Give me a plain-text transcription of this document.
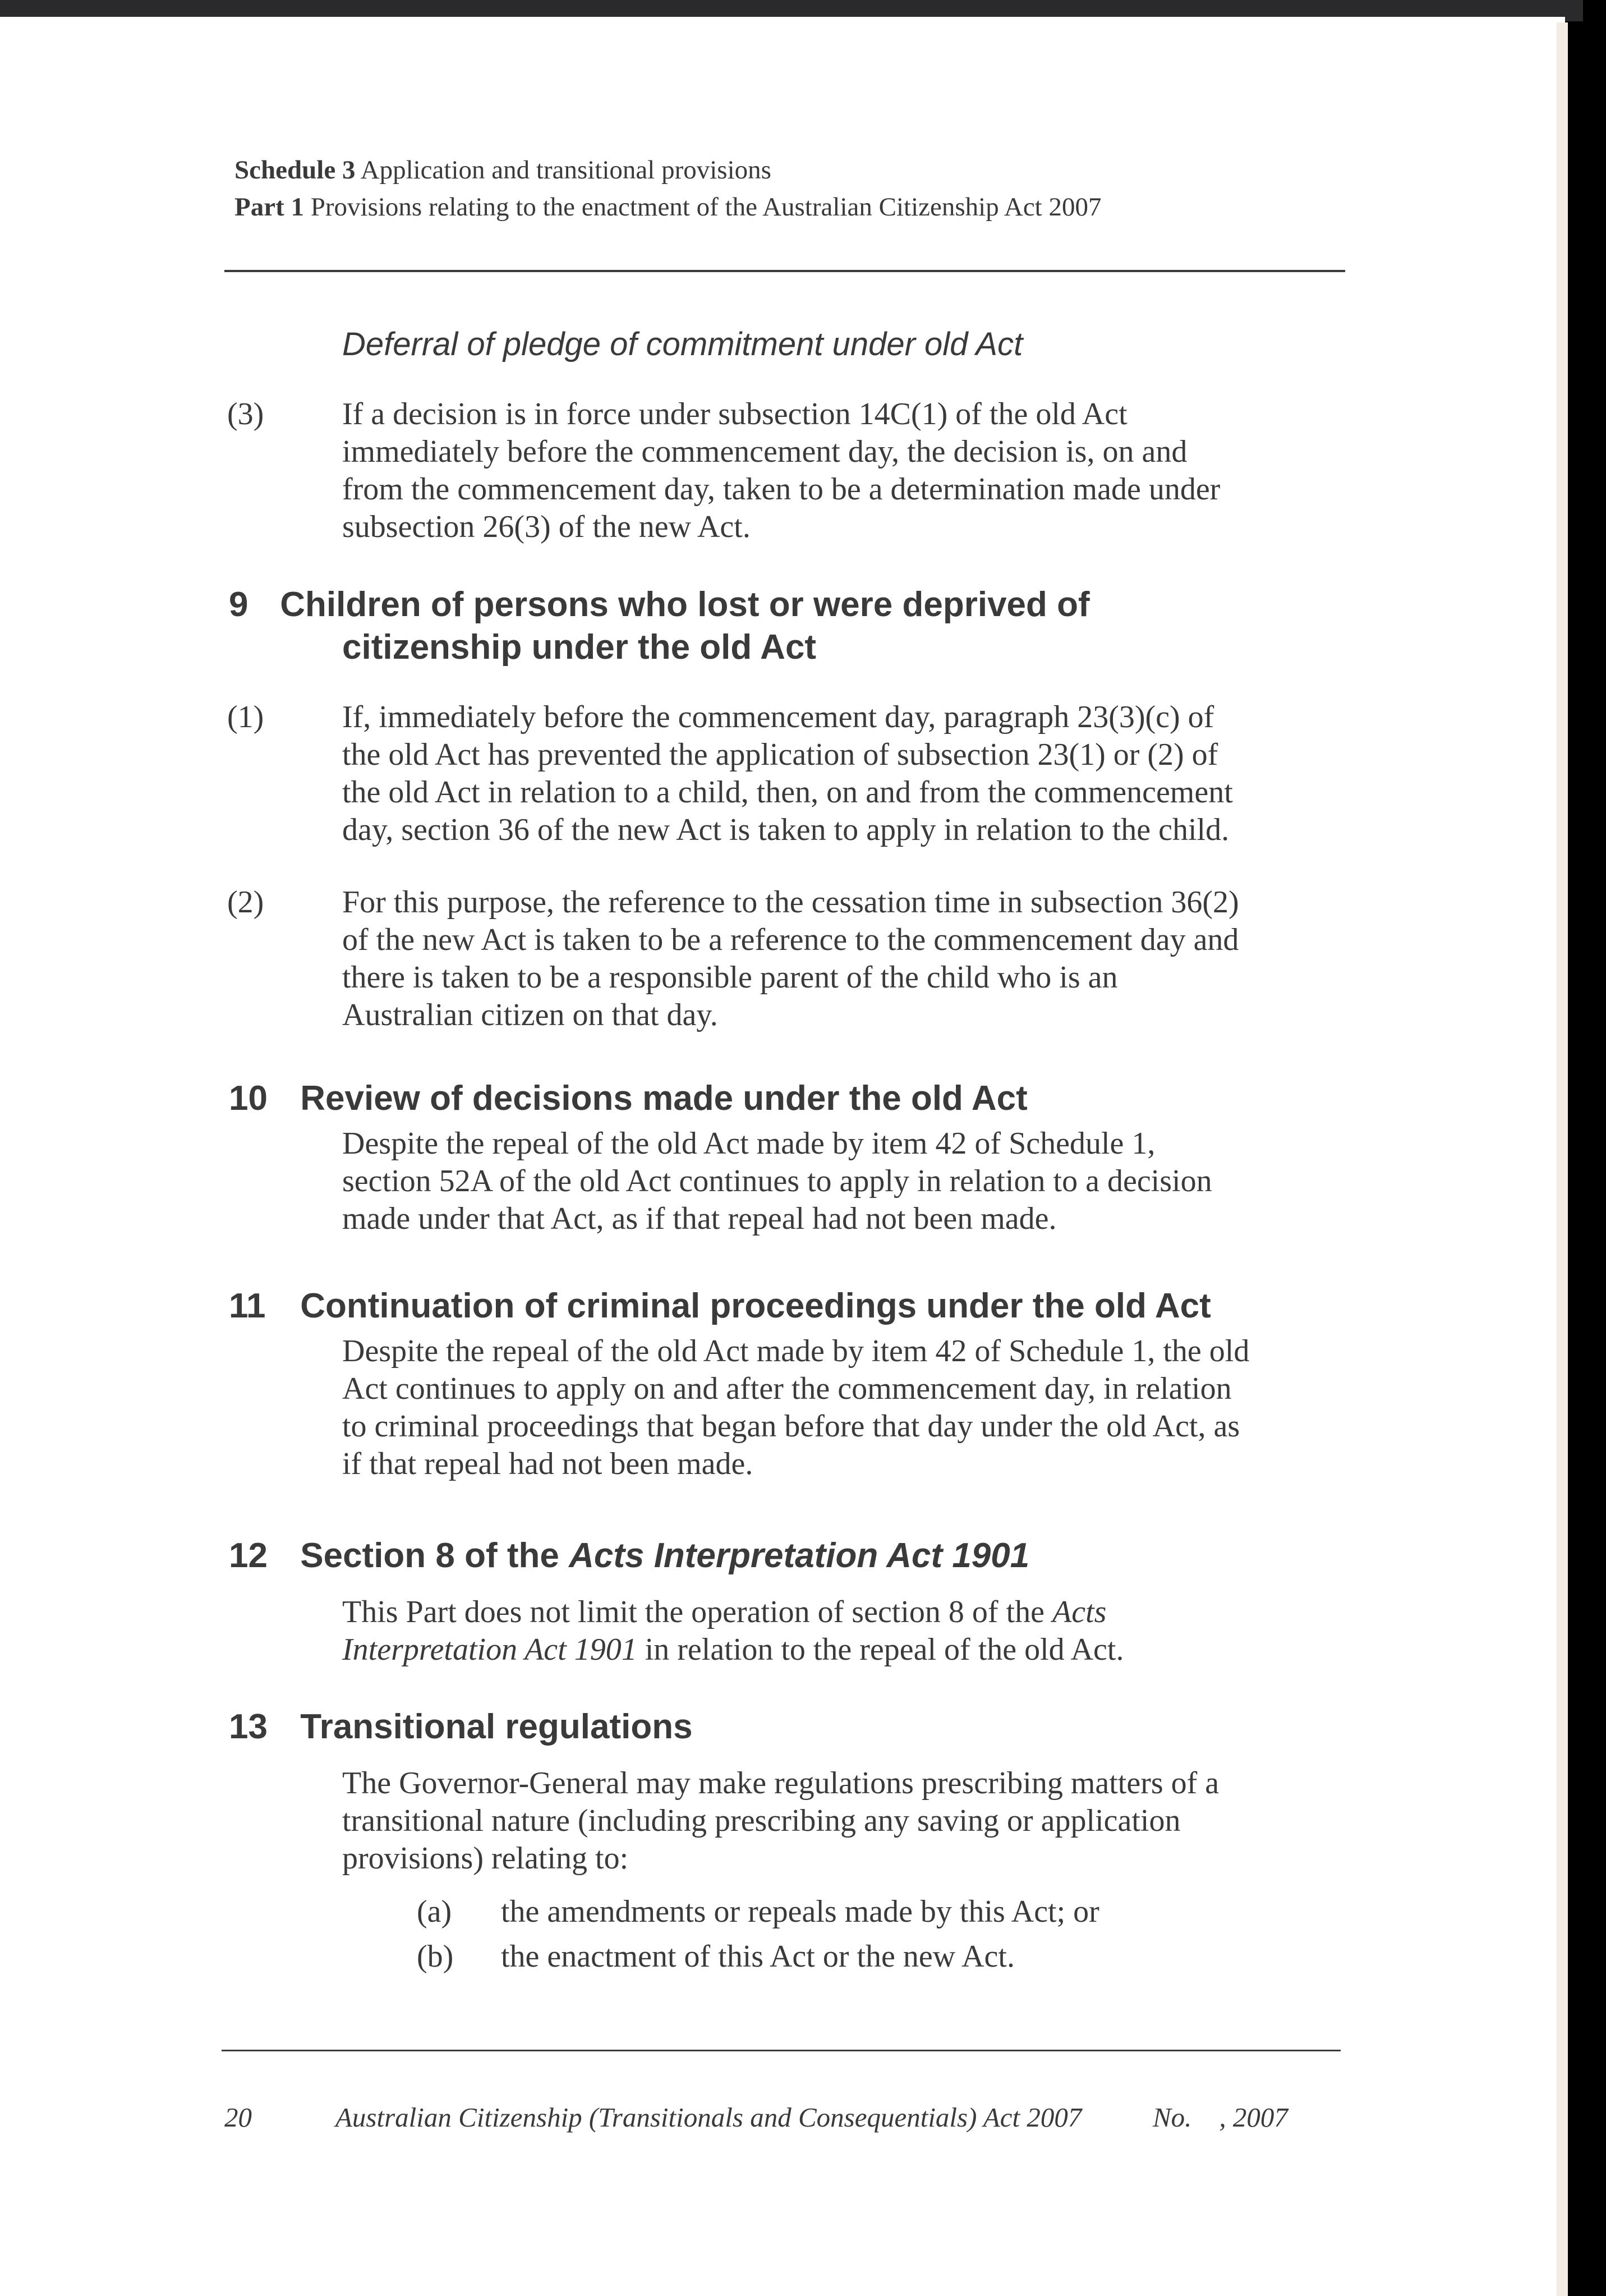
Schedule 3 Application and transitional provisions
Part 1 Provisions relating to the enactment of the Australian Citizenship Act 2007
Deferral of pledge of commitment under old Act
(3) If a decision is in force under subsection 14C(1) of the old Act
immediately before the commencement day, the decision is, on and
from the commencement day, taken to be a determination made under
subsection 26(3) of the new Act.
9 Children of persons who lost or were deprived of
citizenship under the old Act
(1) If, immediately before the commencement day, paragraph 23(3)(c) of
the old Act has prevented the application of subsection 23(1) or (2) of
the old Act in relation to a child, then, on and from the commencement
day, section 36 of the new Act is taken to apply in relation to the child.
(2) For this purpose, the reference to the cessation time in subsection 36(2)
of the new Act is taken to be a reference to the commencement day and
there is taken to be a responsible parent of the child who is an
Australian citizen on that day.
10 Review of decisions made under the old Act
Despite the repeal of the old Act made by item 42 of Schedule 1,
section 52A of the old Act continues to apply in relation to a decision
made under that Act, as if that repeal had not been made.
11 Continuation of criminal proceedings under the old Act
Despite the repeal of the old Act made by item 42 of Schedule 1, the old
Act continues to apply on and after the commencement day, in relation
to criminal proceedings that began before that day under the old Act, as
if that repeal had not been made.
12 Section 8 of the Acts Interpretation Act 1901
This Part does not limit the operation of section 8 of the Acts
Interpretation Act 1901 in relation to the repeal of the old Act.
13 Transitional regulations
The Governor-General may make regulations prescribing matters of a
transitional nature (including prescribing any saving or application
provisions) relating to:
(a) the amendments or repeals made by this Act; or
(b) the enactment of this Act or the new Act.
20	Australian Citizenship (Transitionals and Consequentials) Act 2007	No.    , 2007
